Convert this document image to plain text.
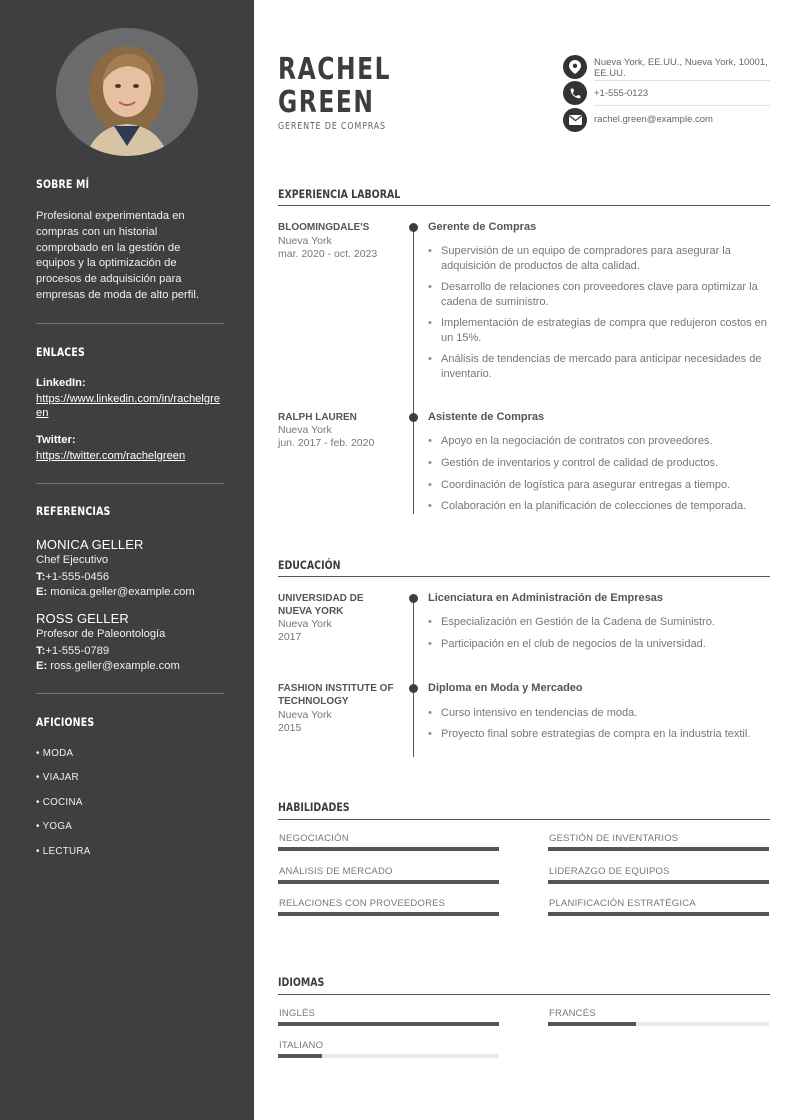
SOBRE MÍ
Profesional experimentada en compras con un historial comprobado en la gestión de equipos y la optimización de procesos de adquisición para empresas de moda de alto perfil.
ENLACES
LinkedIn:
https://www.linkedin.com/in/rachelgreen
Twitter:
https://twitter.com/rachelgreen
REFERENCIAS
MONICA GELLER
Chef Ejecutivo
T:+1-555-0456
E: monica.geller@example.com
ROSS GELLER
Profesor de Paleontología
T:+1-555-0789
E: ross.geller@example.com
AFICIONES
• MODA
• VIAJAR
• COCINA
• YOGA
• LECTURA
RACHEL
GREEN
GERENTE DE COMPRAS
Nueva York, EE.UU., Nueva York, 10001, EE.UU.
+1-555-0123
rachel.green@example.com
EXPERIENCIA LABORAL
BLOOMINGDALE'S
Nueva York
mar. 2020 - oct. 2023
Gerente de Compras
• Supervisión de un equipo de compradores para asegurar la adquisición de productos de alta calidad.
• Desarrollo de relaciones con proveedores clave para optimizar la cadena de suministro.
• Implementación de estrategias de compra que redujeron costos en un 15%.
• Análisis de tendencias de mercado para anticipar necesidades de inventario.
RALPH LAUREN
Nueva York
jun. 2017 - feb. 2020
Asistente de Compras
• Apoyo en la negociación de contratos con proveedores.
• Gestión de inventarios y control de calidad de productos.
• Coordinación de logística para asegurar entregas a tiempo.
• Colaboración en la planificación de colecciones de temporada.
EDUCACIÓN
UNIVERSIDAD DE NUEVA YORK
Nueva York
2017
Licenciatura en Administración de Empresas
• Especialización en Gestión de la Cadena de Suministro.
• Participación en el club de negocios de la universidad.
FASHION INSTITUTE OF TECHNOLOGY
Nueva York
2015
Diploma en Moda y Mercadeo
• Curso intensivo en tendencias de moda.
• Proyecto final sobre estrategias de compra en la industria textil.
HABILIDADES
NEGOCIACIÓN	GESTIÓN DE INVENTARIOS
ANÁLISIS DE MERCADO	LIDERAZGO DE EQUIPOS
RELACIONES CON PROVEEDORES	PLANIFICACIÓN ESTRATÉGICA
IDIOMAS
INGLÉS	FRANCÉS
ITALIANO
